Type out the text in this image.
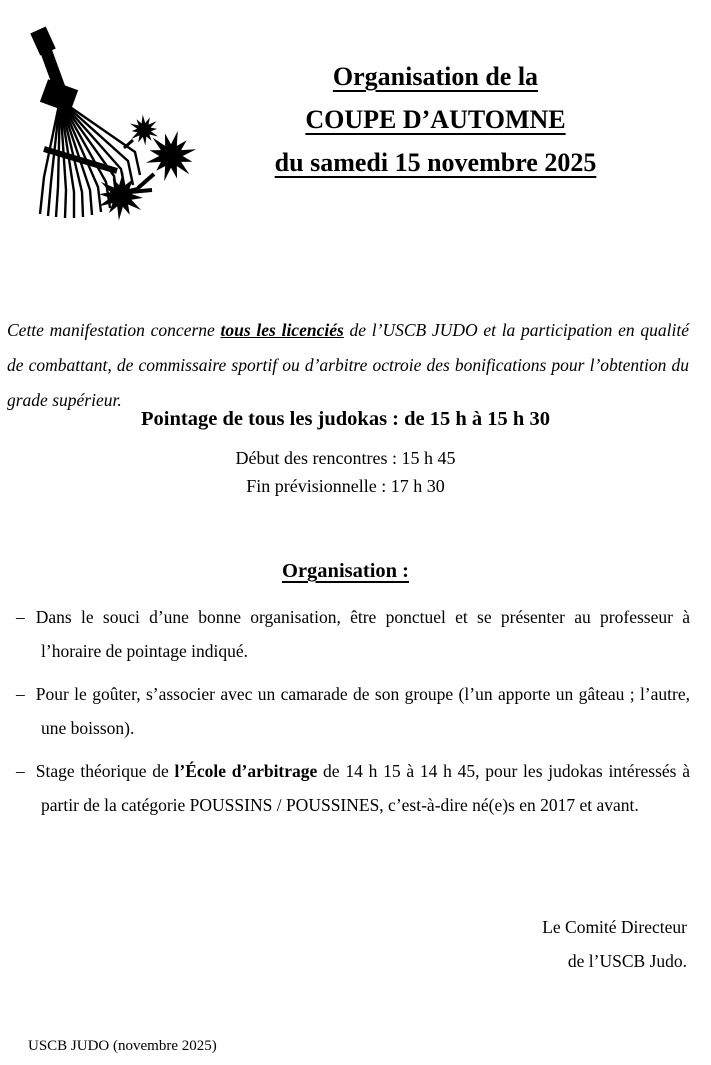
Organisation de la
COUPE D’AUTOMNE
du samedi 15 novembre 2025

Cette manifestation concerne tous les licenciés de l’USCB JUDO et la participation en qualité de combattant, de commissaire sportif ou d’arbitre octroie des bonifications pour l’obtention du grade supérieur.

Pointage de tous les judokas : de 15 h à 15 h 30
Début des rencontres : 15 h 45
Fin prévisionnelle : 17 h 30
Organisation :
– Dans le souci d’une bonne organisation, être ponctuel et se présenter au professeur à l’horaire de pointage indiqué.
– Pour le goûter, s’associer avec un camarade de son groupe (l’un apporte un gâteau ; l’autre, une boisson).
– Stage théorique de l’École d’arbitrage de 14 h 15 à 14 h 45, pour les judokas intéressés à partir de la catégorie POUSSINS / POUSSINES, c’est-à-dire né(e)s en 2017 et avant.
Le Comité Directeur
de l’USCB Judo.
USCB JUDO (novembre 2025)
